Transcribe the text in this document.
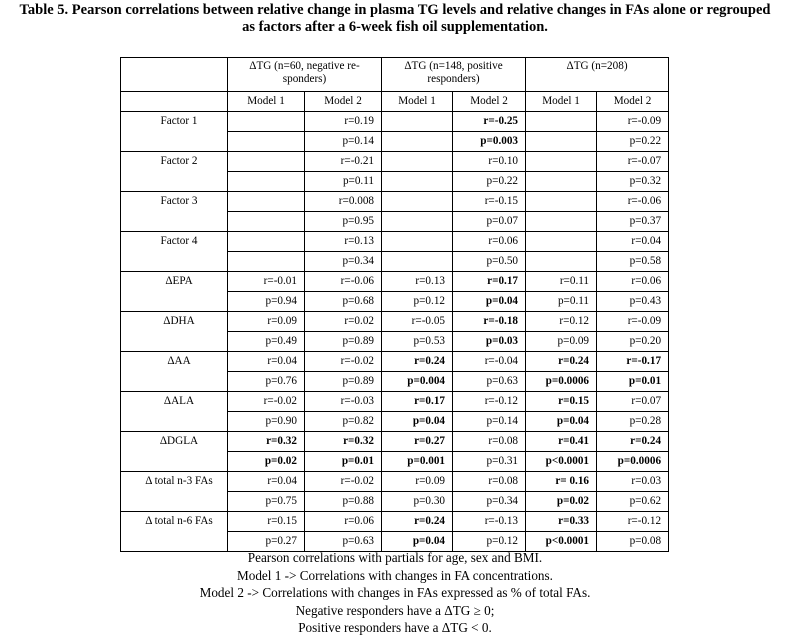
Table 5. Pearson correlations between relative change in plasma TG levels and relative changes in FAs alone or regrouped
as factors after a 6-week fish oil supplementation.
	ΔTG (n=60, negative re-sponders)		ΔTG (n=148, positive responders)		ΔTG (n=208)	
	Model 1	Model 2	Model 1	Model 2	Model 1	Model 2
Factor 1		r=0.19		r=-0.25		r=-0.09
		p=0.14		p=0.003		p=0.22
Factor 2		r=-0.21		r=0.10		r=-0.07
		p=0.11		p=0.22		p=0.32
Factor 3		r=0.008		r=-0.15		r=-0.06
		p=0.95		p=0.07		p=0.37
Factor 4		r=0.13		r=0.06		r=0.04
		p=0.34		p=0.50		p=0.58
ΔEPA	r=-0.01	r=-0.06	r=0.13	r=0.17	r=0.11	r=0.06
	p=0.94	p=0.68	p=0.12	p=0.04	p=0.11	p=0.43
ΔDHA	r=0.09	r=0.02	r=-0.05	r=-0.18	r=0.12	r=-0.09
	p=0.49	p=0.89	p=0.53	p=0.03	p=0.09	p=0.20
ΔAA	r=0.04	r=-0.02	r=0.24	r=-0.04	r=0.24	r=-0.17
	p=0.76	p=0.89	p=0.004	p=0.63	p=0.0006	p=0.01
ΔALA	r=-0.02	r=-0.03	r=0.17	r=-0.12	r=0.15	r=0.07
	p=0.90	p=0.82	p=0.04	p=0.14	p=0.04	p=0.28
ΔDGLA	r=0.32	r=0.32	r=0.27	r=0.08	r=0.41	r=0.24
	p=0.02	p=0.01	p=0.001	p=0.31	p<0.0001	p=0.0006
Δ total n-3 FAs	r=0.04	r=-0.02	r=0.09	r=0.08	r= 0.16	r=0.03
	p=0.75	p=0.88	p=0.30	p=0.34	p=0.02	p=0.62
Δ total n-6 FAs	r=0.15	r=0.06	r=0.24	r=-0.13	r=0.33	r=-0.12
	p=0.27	p=0.63	p=0.04	p=0.12	p<0.0001	p=0.08
Pearson correlations with partials for age, sex and BMI.
Model 1 -> Correlations with changes in FA concentrations.
Model 2 -> Correlations with changes in FAs expressed as % of total FAs.
Negative responders have a ΔTG ≥ 0;
Positive responders have a ΔTG < 0.
